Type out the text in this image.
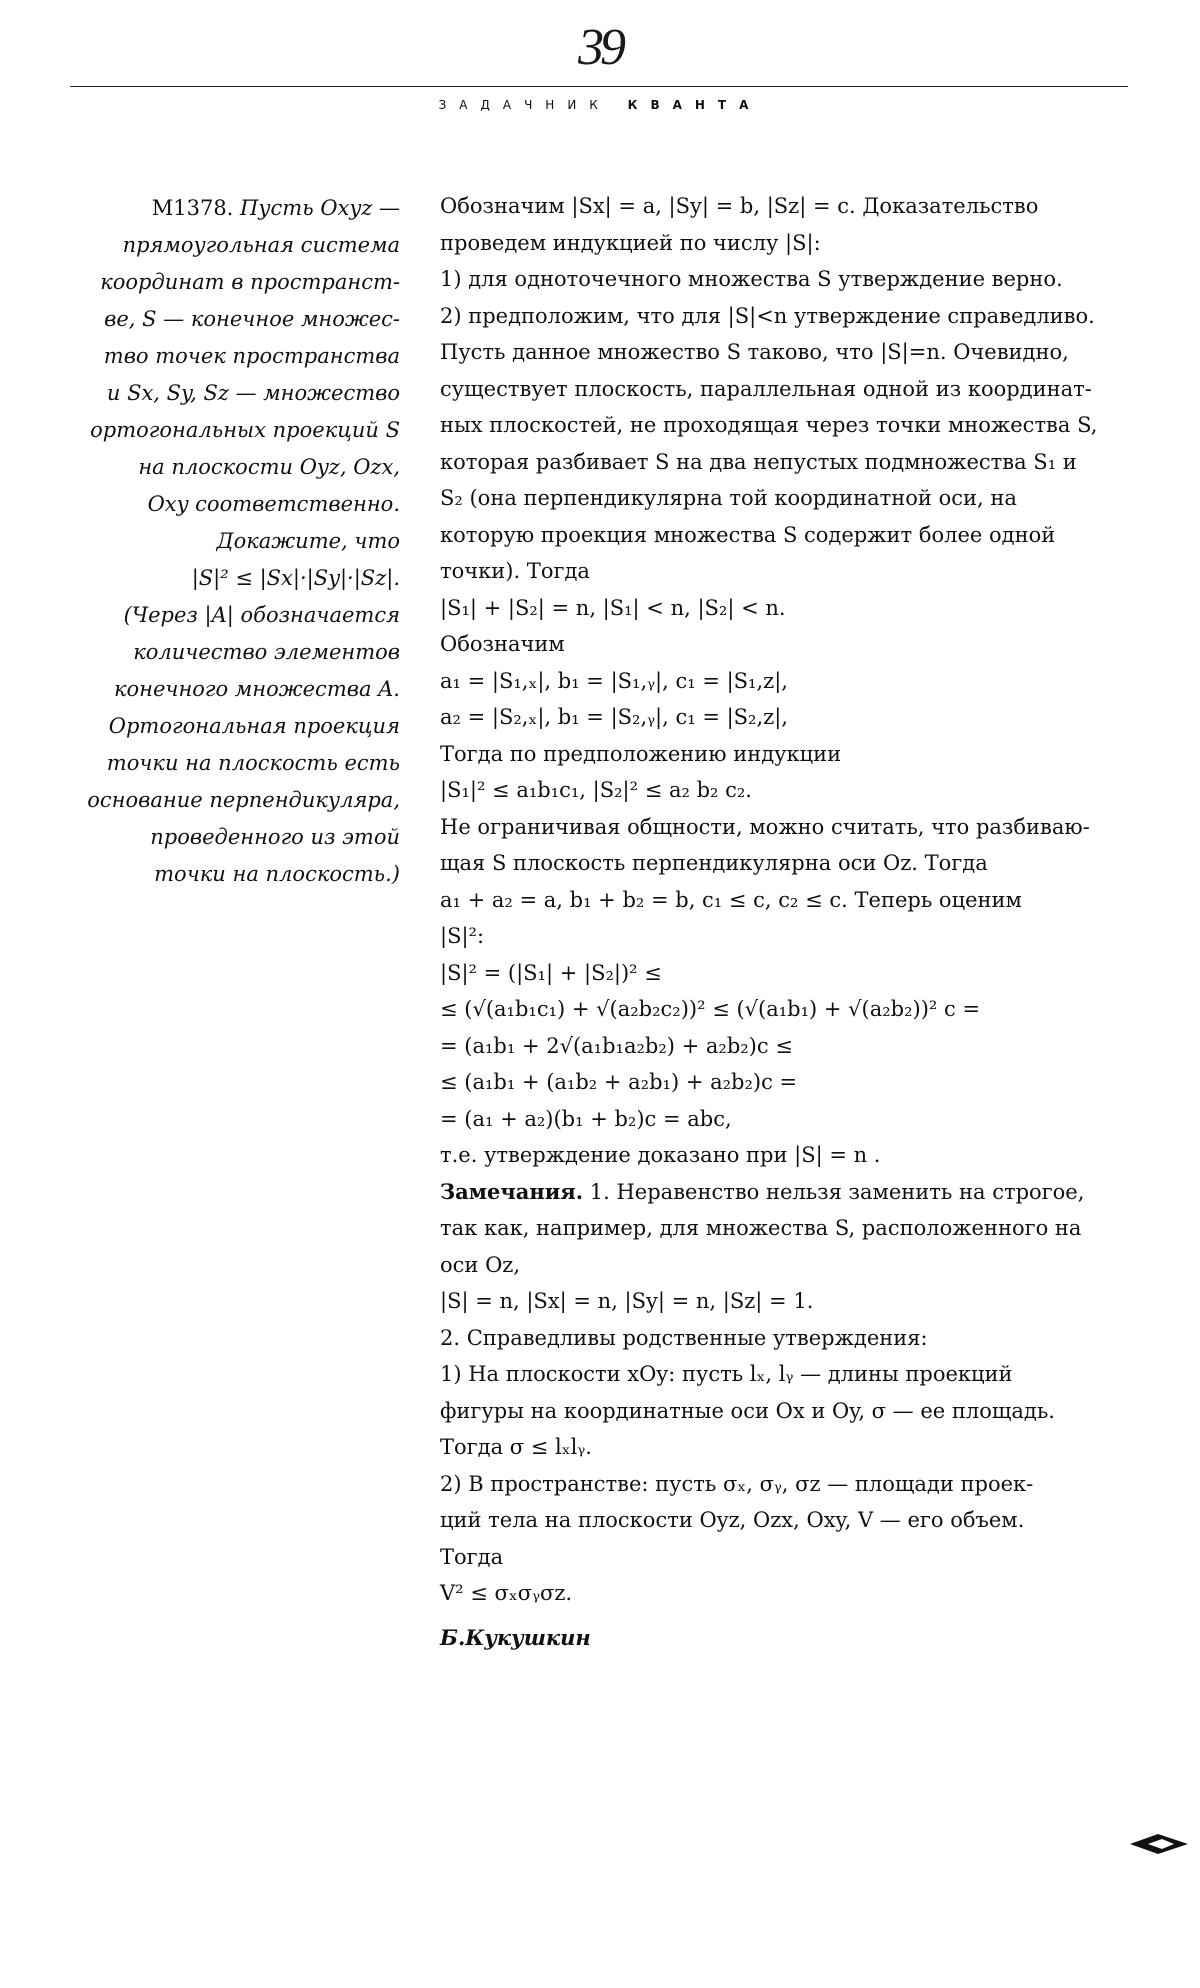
39
ЗАДАЧНИК КВАНТА

М1378. Пусть Oxyz —

прямоугольная система

координат в пространст-

ве, S — конечное множес-

тво точек пространства

и Sx, Sy, Sz — множество

ортогональных проекций S

на плоскости Oyz, Ozx,

Oxy соответственно.

Докажите, что

|S|² ≤ |Sx|·|Sy|·|Sz|.

(Через |A| обозначается

количество элементов

конечного множества A.

Ортогональная проекция

точки на плоскость есть

основание перпендикуляра,

проведенного из этой

точки на плоскость.)

Обозначим |Sx| = a, |Sy| = b, |Sz| = c. Доказательство
проведем индукцией по числу |S|:
1) для одноточечного множества S утверждение верно.
2) предположим, что для |S|<n утверждение справедливо.
Пусть данное множество S таково, что |S|=n. Очевидно,
существует плоскость, параллельная одной из координат-
ных плоскостей, не проходящая через точки множества S,
которая разбивает S на два непустых подмножества S₁ и
S₂ (она перпендикулярна той координатной оси, на
которую проекция множества S содержит более одной
точки). Тогда
|S₁| + |S₂| = n, |S₁| < n, |S₂| < n.
Обозначим
a₁ = |S₁,ₓ|, b₁ = |S₁,ᵧ|, c₁ = |S₁,z|,
a₂ = |S₂,ₓ|, b₁ = |S₂,ᵧ|, c₁ = |S₂,z|,
Тогда по предположению индукции
|S₁|² ≤ a₁b₁c₁, |S₂|² ≤ a₂ b₂ c₂.
Не ограничивая общности, можно считать, что разбиваю-
щая S плоскость перпендикулярна оси Oz. Тогда
a₁ + a₂ = a, b₁ + b₂ = b, c₁ ≤ c, c₂ ≤ c. Теперь оценим
|S|²:
|S|² = (|S₁| + |S₂|)² ≤
≤ (√(a₁b₁c₁) + √(a₂b₂c₂))² ≤ (√(a₁b₁) + √(a₂b₂))² c =
= (a₁b₁ + 2√(a₁b₁a₂b₂) + a₂b₂)c ≤
≤ (a₁b₁ + (a₁b₂ + a₂b₁) + a₂b₂)c =
= (a₁ + a₂)(b₁ + b₂)c = abc,
т.е. утверждение доказано при |S| = n .
Замечания. 1. Неравенство нельзя заменить на строгое,
так как, например, для множества S, расположенного на
оси Oz,
|S| = n, |Sx| = n, |Sy| = n, |Sz| = 1.
2. Справедливы родственные утверждения:
1) На плоскости xOy: пусть lₓ, lᵧ — длины проекций
фигуры на координатные оси Ox и Oy, σ — ее площадь.
Тогда σ ≤ lₓlᵧ.
2) В пространстве: пусть σₓ, σᵧ, σz — площади проек-
ций тела на плоскости Oyz, Ozx, Oxy, V — его объем.
Тогда
V² ≤ σₓσᵧσz.
Б.Кукушкин
